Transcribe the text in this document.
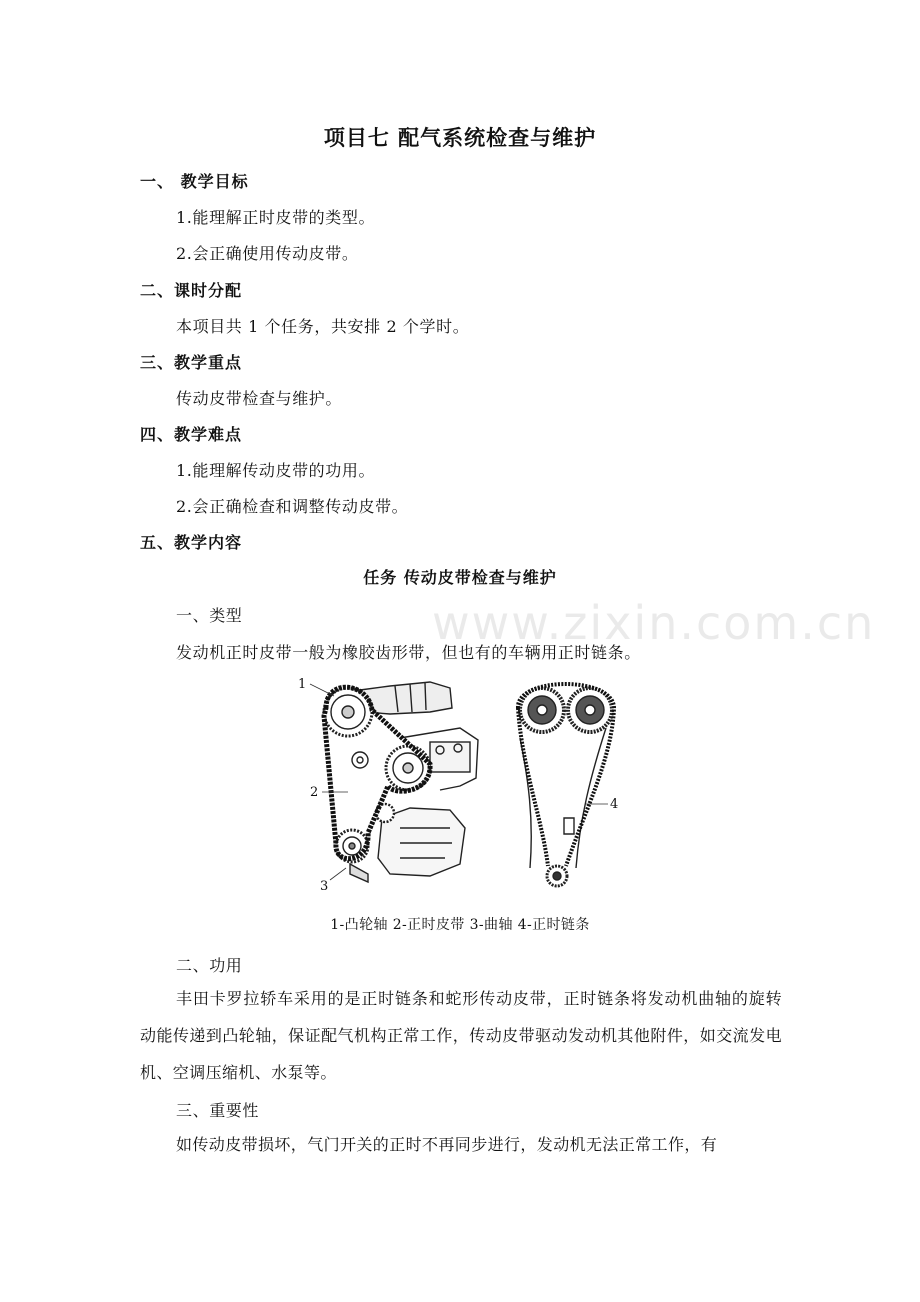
项目七 配气系统检查与维护
一、 教学目标
1.能理解正时皮带的类型。
2.会正确使用传动皮带。
二、课时分配
本项目共 1 个任务，共安排 2 个学时。
三、教学重点
传动皮带检查与维护。
四、教学难点
1.能理解传动皮带的功用。
2.会正确检查和调整传动皮带。
五、教学内容
任务 传动皮带检查与维护
一、类型
发动机正时皮带一般为橡胶齿形带，但也有的车辆用正时链条。
www.zixin.com.cn
1
2
3
4
1-凸轮轴 2-正时皮带 3-曲轴 4-正时链条
二、功用
丰田卡罗拉轿车采用的是正时链条和蛇形传动皮带，正时链条将发动机曲轴的旋转动能传递到凸轮轴，保证配气机构正常工作，传动皮带驱动发动机其他附件，如交流发电机、空调压缩机、水泵等。
三、重要性
如传动皮带损坏，气门开关的正时不再同步进行，发动机无法正常工作，有
